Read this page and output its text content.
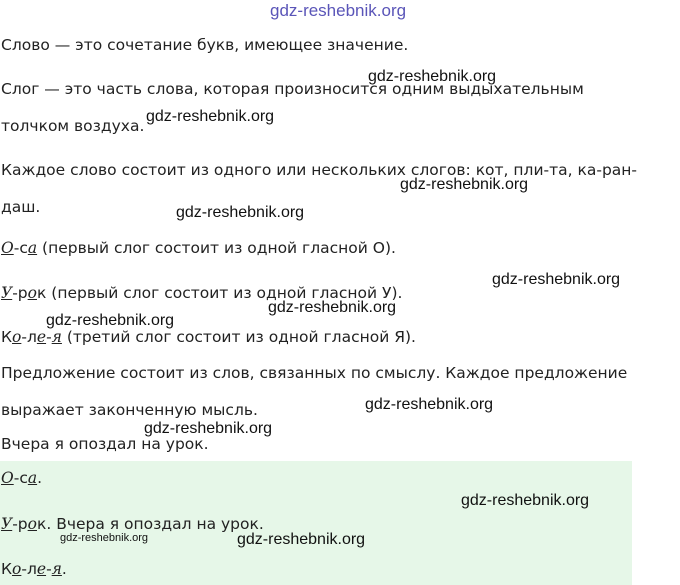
Слово — это сочетание букв, имеющее значение.

Слог — это часть слова, которая произносится одним выдыхательным

толчком воздуха.

Каждое слово состоит из одного или нескольких слогов: кот, пли-та, ка-ран-

даш.

О-са (первый слог состоит из одной гласной О).

У-рок (первый слог состоит из одной гласной У).

Ко-ле-я (третий слог состоит из одной гласной Я).

Предложение состоит из слов, связанных по смыслу. Каждое предложение

выражает законченную мысль.

Вчера я опоздал на урок.

О-са.

У-рок. Вчера я опоздал на урок.

Ко-ле-я.

gdz-reshebnik.org
gdz-reshebnik.org
gdz-reshebnik.org
gdz-reshebnik.org
gdz-reshebnik.org
gdz-reshebnik.org
gdz-reshebnik.org
gdz-reshebnik.org
gdz-reshebnik.org
gdz-reshebnik.org
gdz-reshebnik.org
gdz-reshebnik.org	gdz-reshebnik.org
